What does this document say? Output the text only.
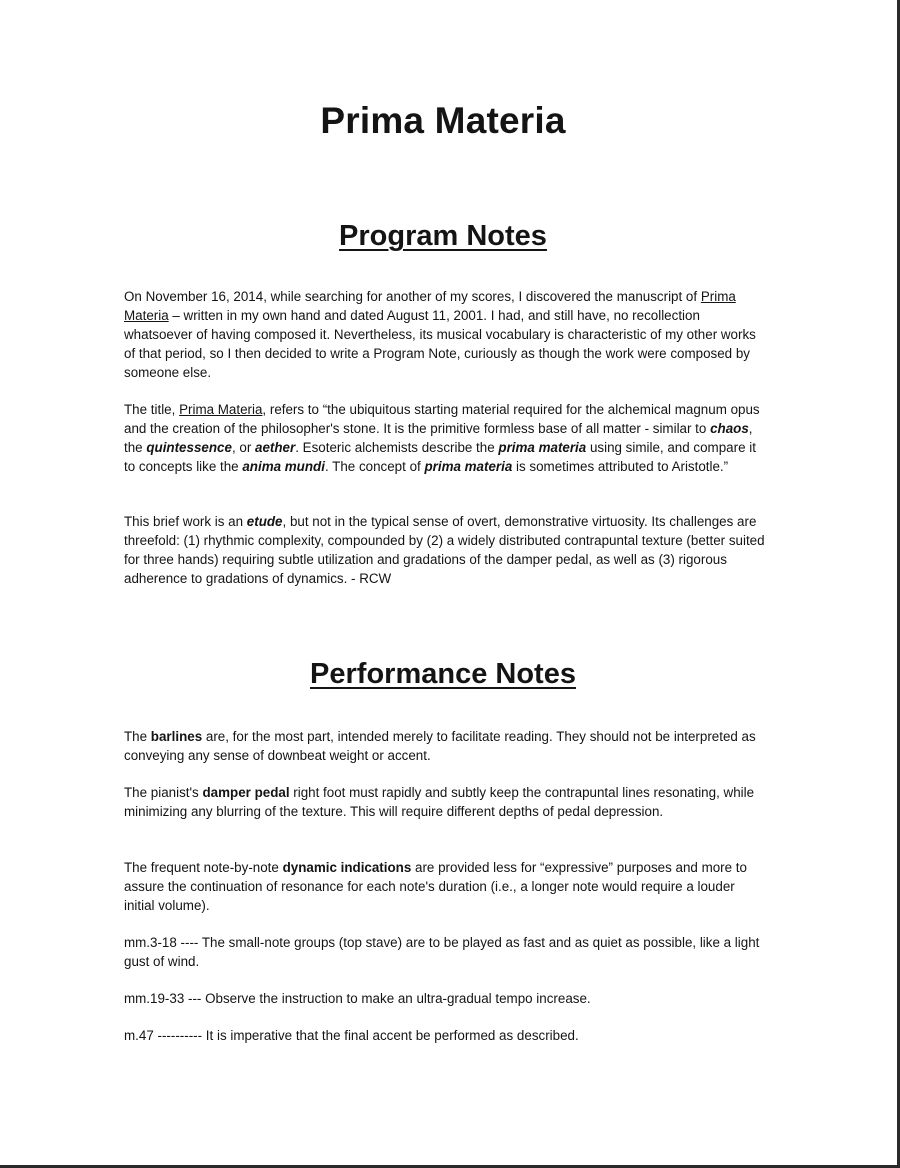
Prima Materia
Program Notes

On November 16, 2014, while searching for another of my scores, I discovered the manuscript of Prima Materia – written in my own hand and dated August 11, 2001. I had, and still have, no recollection whatsoever of having composed it. Nevertheless, its musical vocabulary is characteristic of my other works of that period, so I then decided to write a Program Note, curiously as though the work were composed by someone else.

The title, Prima Materia, refers to “the ubiquitous starting material required for the alchemical magnum opus and the creation of the philosopher's stone. It is the primitive formless base of all matter - similar to chaos, the quintessence, or aether. Esoteric alchemists describe the prima materia using simile, and compare it to concepts like the anima mundi. The concept of prima materia is sometimes attributed to Aristotle.”

This brief work is an etude, but not in the typical sense of overt, demonstrative virtuosity. Its challenges are threefold: (1) rhythmic complexity, compounded by (2) a widely distributed contrapuntal texture (better suited for three hands) requiring subtle utilization and gradations of the damper pedal, as well as (3) rigorous adherence to gradations of dynamics. - RCW

Performance Notes

The barlines are, for the most part, intended merely to facilitate reading. They should not be interpreted as conveying any sense of downbeat weight or accent.

The pianist's damper pedal right foot must rapidly and subtly keep the contrapuntal lines resonating, while minimizing any blurring of the texture. This will require different depths of pedal depression.

The frequent note-by-note dynamic indications are provided less for “expressive” purposes and more to assure the continuation of resonance for each note's duration (i.e., a longer note would require a louder initial volume).

mm.3-18 ---- The small-note groups (top stave) are to be played as fast and as quiet as possible, like a light gust of wind.

mm.19-33 --- Observe the instruction to make an ultra-gradual tempo increase.

m.47 ---------- It is imperative that the final accent be performed as described.
